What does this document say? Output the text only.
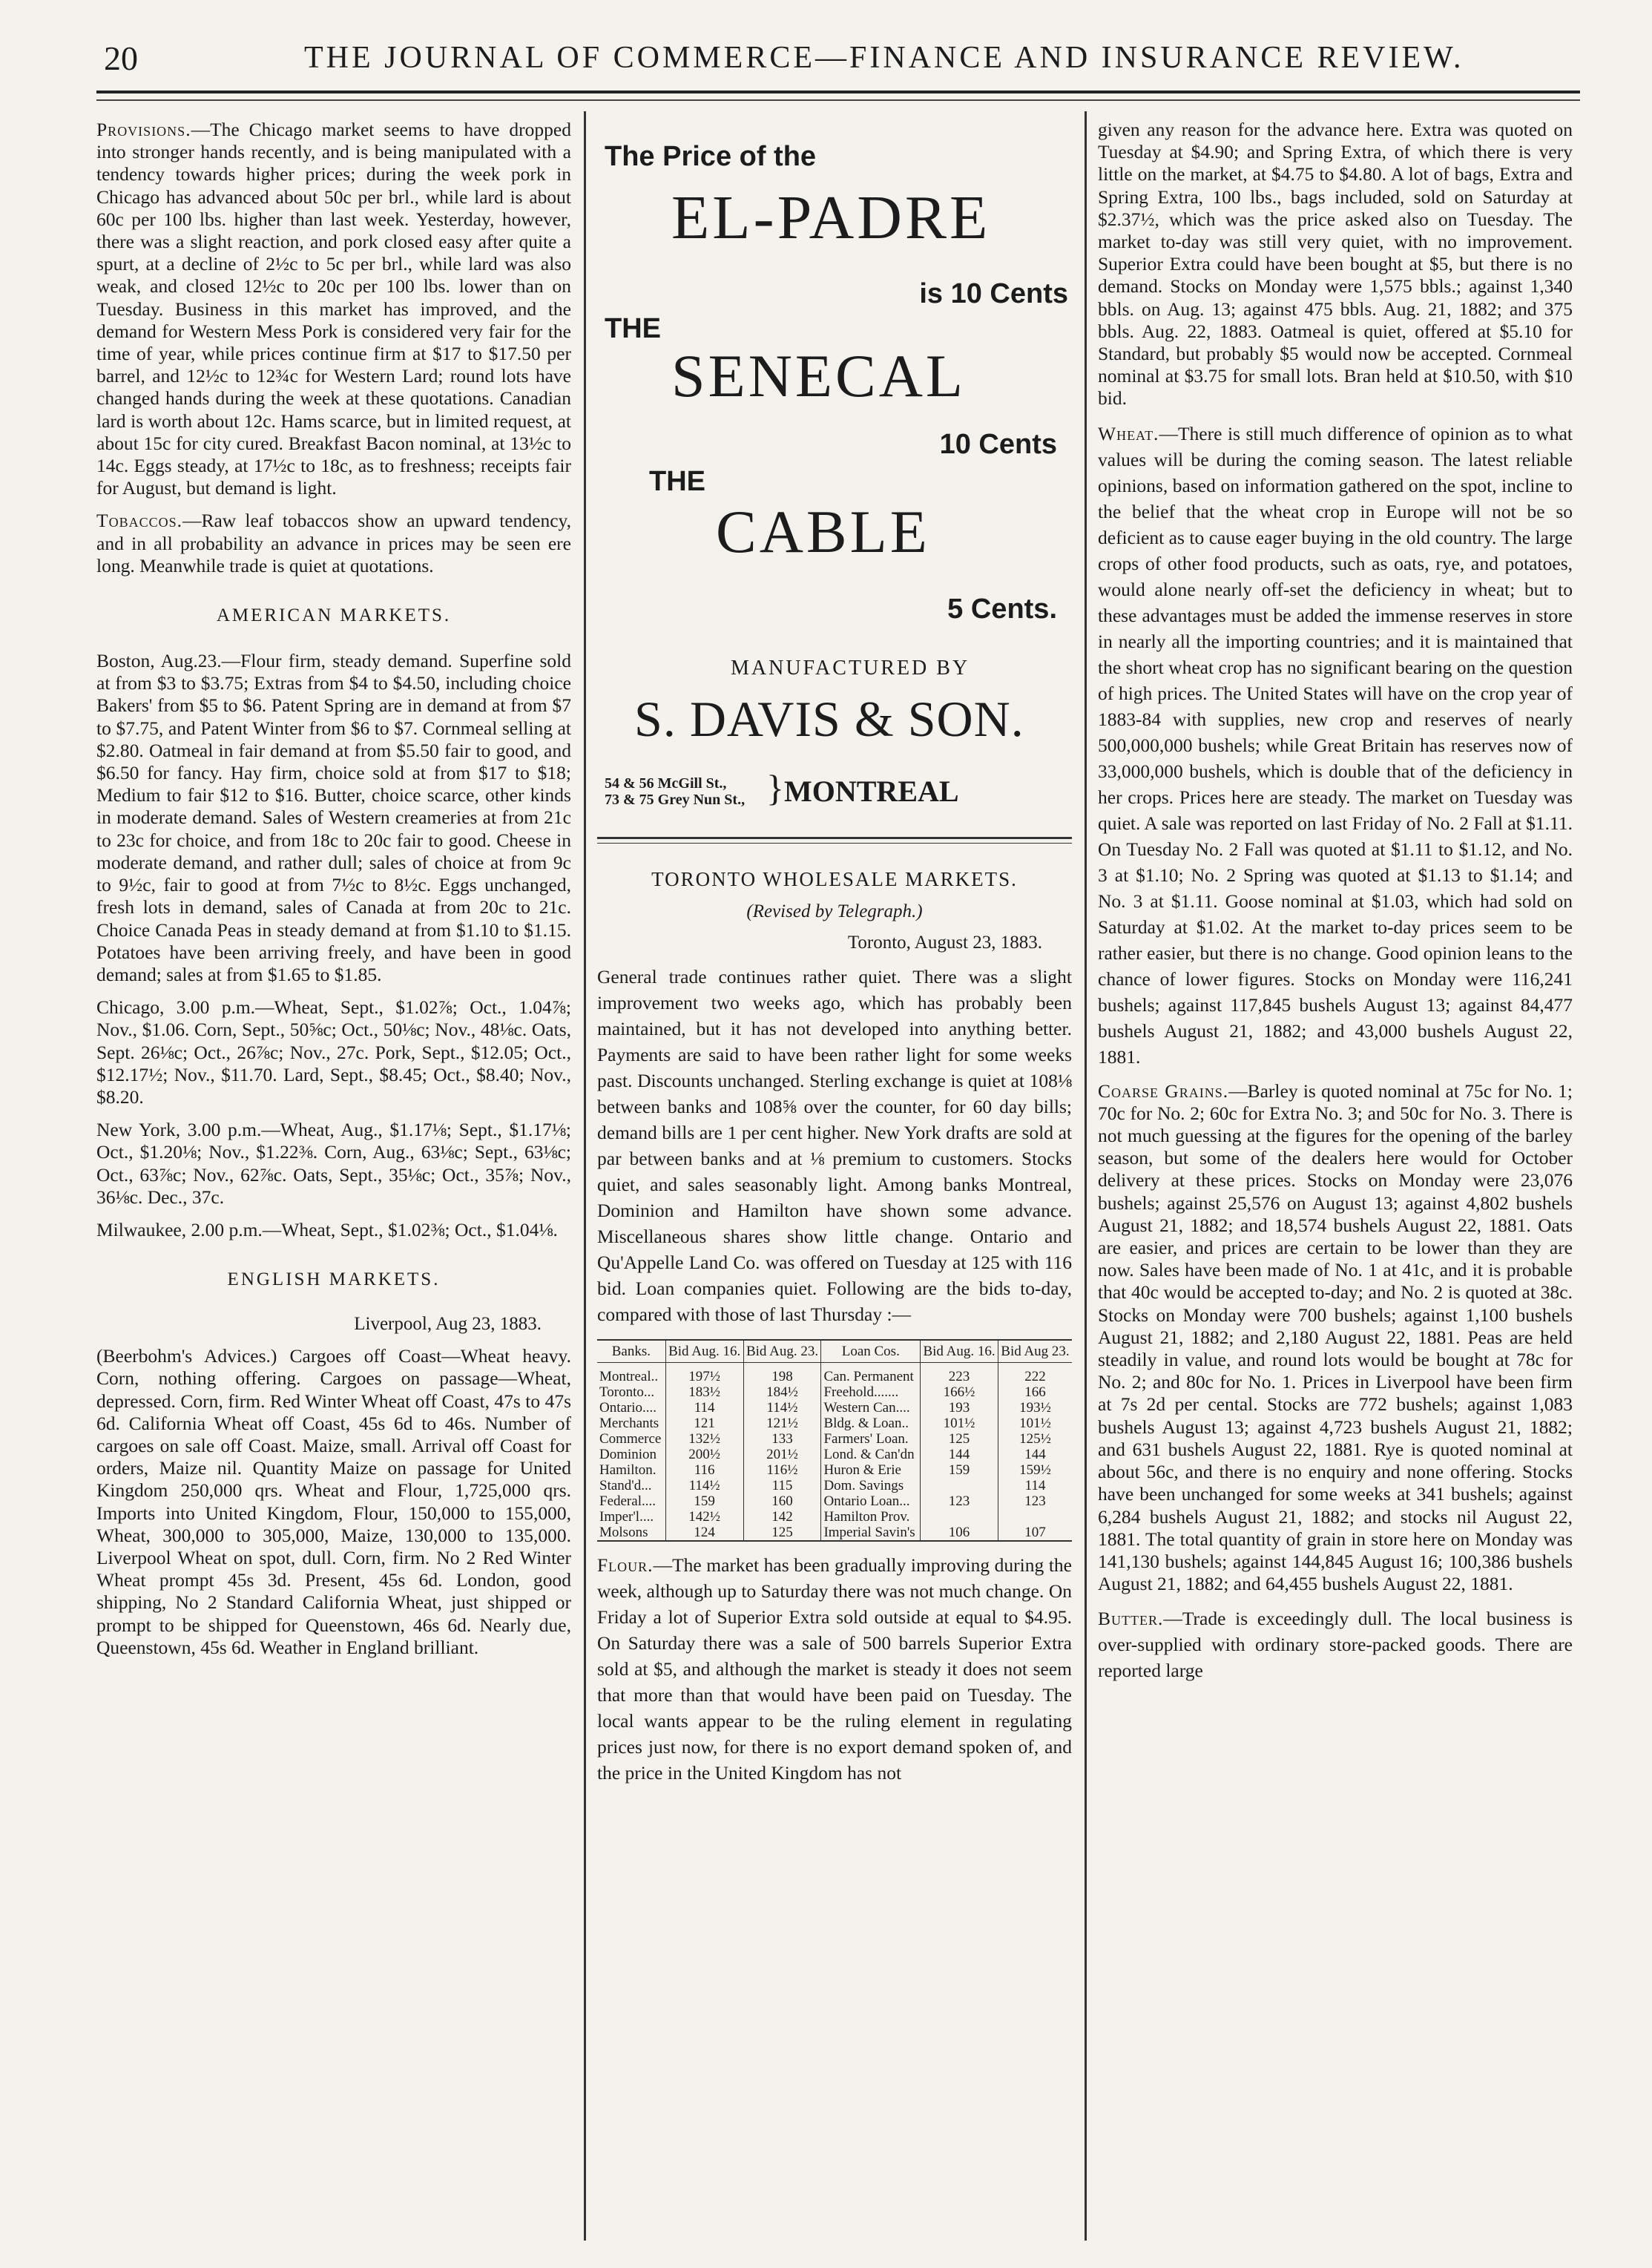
20	THE JOURNAL OF COMMERCE—FINANCE AND INSURANCE REVIEW.

Provisions.—The Chicago market seems to have dropped into stronger hands recently, and is being manipulated with a tendency towards higher prices; during the week pork in Chicago has advanced about 50c per brl., while lard is about 60c per 100 lbs. higher than last week. Yesterday, however, there was a slight reaction, and pork closed easy after quite a spurt, at a decline of 2½c to 5c per brl., while lard was also weak, and closed 12½c to 20c per 100 lbs. lower than on Tuesday. Business in this market has improved, and the demand for Western Mess Pork is considered very fair for the time of year, while prices continue firm at $17 to $17.50 per barrel, and 12½c to 12¾c for Western Lard; round lots have changed hands during the week at these quotations. Canadian lard is worth about 12c. Hams scarce, but in limited request, at about 15c for city cured. Breakfast Bacon nominal, at 13½c to 14c. Eggs steady, at 17½c to 18c, as to freshness; receipts fair for August, but demand is light.

Tobaccos.—Raw leaf tobaccos show an upward tendency, and in all probability an advance in prices may be seen ere long. Meanwhile trade is quiet at quotations.

AMERICAN MARKETS.

Boston, Aug.23.—Flour firm, steady demand. Superfine sold at from $3 to $3.75; Extras from $4 to $4.50, including choice Bakers' from $5 to $6. Patent Spring are in demand at from $7 to $7.75, and Patent Winter from $6 to $7. Cornmeal selling at $2.80. Oatmeal in fair demand at from $5.50 fair to good, and $6.50 for fancy. Hay firm, choice sold at from $17 to $18; Medium to fair $12 to $16. Butter, choice scarce, other kinds in moderate demand. Sales of Western creameries at from 21c to 23c for choice, and from 18c to 20c fair to good. Cheese in moderate demand, and rather dull; sales of choice at from 9c to 9½c, fair to good at from 7½c to 8½c. Eggs unchanged, fresh lots in demand, sales of Canada at from 20c to 21c. Choice Canada Peas in steady demand at from $1.10 to $1.15. Potatoes have been arriving freely, and have been in good demand; sales at from $1.65 to $1.85.

Chicago, 3.00 p.m.—Wheat, Sept., $1.02⅞; Oct., 1.04⅞; Nov., $1.06. Corn, Sept., 50⅝c; Oct., 50⅛c; Nov., 48⅛c. Oats, Sept. 26⅛c; Oct., 26⅞c; Nov., 27c. Pork, Sept., $12.05; Oct., $12.17½; Nov., $11.70. Lard, Sept., $8.45; Oct., $8.40; Nov., $8.20.

New York, 3.00 p.m.—Wheat, Aug., $1.17⅛; Sept., $1.17⅛; Oct., $1.20⅛; Nov., $1.22⅜. Corn, Aug., 63⅛c; Sept., 63⅛c; Oct., 63⅞c; Nov., 62⅞c. Oats, Sept., 35⅛c; Oct., 35⅞; Nov., 36⅛c. Dec., 37c.

Milwaukee, 2.00 p.m.—Wheat, Sept., $1.02⅜; Oct., $1.04⅛.

ENGLISH MARKETS.
Liverpool, Aug 23, 1883.

(Beerbohm's Advices.) Cargoes off Coast—Wheat heavy. Corn, nothing offering. Cargoes on passage—Wheat, depressed. Corn, firm. Red Winter Wheat off Coast, 47s to 47s 6d. California Wheat off Coast, 45s 6d to 46s. Number of cargoes on sale off Coast. Maize, small. Arrival off Coast for orders, Maize nil. Quantity Maize on passage for United Kingdom 250,000 qrs. Wheat and Flour, 1,725,000 qrs. Imports into United Kingdom, Flour, 150,000 to 155,000, Wheat, 300,000 to 305,000, Maize, 130,000 to 135,000. Liverpool Wheat on spot, dull. Corn, firm. No 2 Red Winter Wheat prompt 45s 3d. Present, 45s 6d. London, good shipping, No 2 Standard California Wheat, just shipped or prompt to be shipped for Queenstown, 46s 6d. Nearly due, Queenstown, 45s 6d. Weather in England brilliant.

The Price of the
EL-PADRE
is 10 Cents
THE
SENECAL
10 Cents
THE
CABLE
5 Cents.
MANUFACTURED BY
S. DAVIS & SON.
54 & 56 McGill St.,
73 & 75 Grey Nun St., } MONTREAL
TORONTO WHOLESALE MARKETS.
(Revised by Telegraph.)
Toronto, August 23, 1883.

General trade continues rather quiet. There was a slight improvement two weeks ago, which has probably been maintained, but it has not developed into anything better. Payments are said to have been rather light for some weeks past. Discounts unchanged. Sterling exchange is quiet at 108⅛ between banks and 108⅝ over the counter, for 60 day bills; demand bills are 1 per cent higher. New York drafts are sold at par between banks and at ⅛ premium to customers. Stocks quiet, and sales seasonably light. Among banks Montreal, Dominion and Hamilton have shown some advance. Miscellaneous shares show little change. Ontario and Qu'Appelle Land Co. was offered on Tuesday at 125 with 116 bid. Loan companies quiet. Following are the bids to-day, compared with those of last Thursday :—

Banks.	Bid Aug. 16.	Bid Aug. 23.	Loan Cos.	Bid Aug. 16.	Bid Aug 23.
Montreal..	197½	198	Can. Permanent	223	222
Toronto...	183½	184½	Freehold.......	166½	166
Ontario....	114	114½	Western Can....	193	193½
Merchants	121	121½	Bldg. & Loan..	101½	101½
Commerce	132½	133	Farmers' Loan.	125	125½
Dominion	200½	201½	Lond. & Can'dn	144	144
Hamilton.	116	116½	Huron & Erie	159	159½
Stand'd...	114½	115	Dom. Savings		114
Federal....	159	160	Ontario Loan...	123	123
Imper'l....	142½	142	Hamilton Prov.		
Molsons	124	125	Imperial Savin's	106	107

Flour.—The market has been gradually improving during the week, although up to Saturday there was not much change. On Friday a lot of Superior Extra sold outside at equal to $4.95. On Saturday there was a sale of 500 barrels Superior Extra sold at $5, and although the market is steady it does not seem that more than that would have been paid on Tuesday. The local wants appear to be the ruling element in regulating prices just now, for there is no export demand spoken of, and the price in the United Kingdom has not

given any reason for the advance here. Extra was quoted on Tuesday at $4.90; and Spring Extra, of which there is very little on the market, at $4.75 to $4.80. A lot of bags, Extra and Spring Extra, 100 lbs., bags included, sold on Saturday at $2.37½, which was the price asked also on Tuesday. The market to-day was still very quiet, with no improvement. Superior Extra could have been bought at $5, but there is no demand. Stocks on Monday were 1,575 bbls.; against 1,340 bbls. on Aug. 13; against 475 bbls. Aug. 21, 1882; and 375 bbls. Aug. 22, 1883. Oatmeal is quiet, offered at $5.10 for Standard, but probably $5 would now be accepted. Cornmeal nominal at $3.75 for small lots. Bran held at $10.50, with $10 bid.

Wheat.—There is still much difference of opinion as to what values will be during the coming season. The latest reliable opinions, based on information gathered on the spot, incline to the belief that the wheat crop in Europe will not be so deficient as to cause eager buying in the old country. The large crops of other food products, such as oats, rye, and potatoes, would alone nearly off-set the deficiency in wheat; but to these advantages must be added the immense reserves in store in nearly all the importing countries; and it is maintained that the short wheat crop has no significant bearing on the question of high prices. The United States will have on the crop year of 1883-84 with supplies, new crop and reserves of nearly 500,000,000 bushels; while Great Britain has reserves now of 33,000,000 bushels, which is double that of the deficiency in her crops. Prices here are steady. The market on Tuesday was quiet. A sale was reported on last Friday of No. 2 Fall at $1.11. On Tuesday No. 2 Fall was quoted at $1.11 to $1.12, and No. 3 at $1.10; No. 2 Spring was quoted at $1.13 to $1.14; and No. 3 at $1.11. Goose nominal at $1.03, which had sold on Saturday at $1.02. At the market to-day prices seem to be rather easier, but there is no change. Good opinion leans to the chance of lower figures. Stocks on Monday were 116,241 bushels; against 117,845 bushels August 13; against 84,477 bushels August 21, 1882; and 43,000 bushels August 22, 1881.

Coarse Grains.—Barley is quoted nominal at 75c for No. 1; 70c for No. 2; 60c for Extra No. 3; and 50c for No. 3. There is not much guessing at the figures for the opening of the barley season, but some of the dealers here would for October delivery at these prices. Stocks on Monday were 23,076 bushels; against 25,576 on August 13; against 4,802 bushels August 21, 1882; and 18,574 bushels August 22, 1881. Oats are easier, and prices are certain to be lower than they are now. Sales have been made of No. 1 at 41c, and it is probable that 40c would be accepted to-day; and No. 2 is quoted at 38c. Stocks on Monday were 700 bushels; against 1,100 bushels August 21, 1882; and 2,180 August 22, 1881. Peas are held steadily in value, and round lots would be bought at 78c for No. 2; and 80c for No. 1. Prices in Liverpool have been firm at 7s 2d per cental. Stocks are 772 bushels; against 1,083 bushels August 13; against 4,723 bushels August 21, 1882; and 631 bushels August 22, 1881. Rye is quoted nominal at about 56c, and there is no enquiry and none offering. Stocks have been unchanged for some weeks at 341 bushels; against 6,284 bushels August 21, 1882; and stocks nil August 22, 1881. The total quantity of grain in store here on Monday was 141,130 bushels; against 144,845 August 16; 100,386 bushels August 21, 1882; and 64,455 bushels August 22, 1881.

Butter.—Trade is exceedingly dull. The local business is over-supplied with ordinary store-packed goods. There are reported large
